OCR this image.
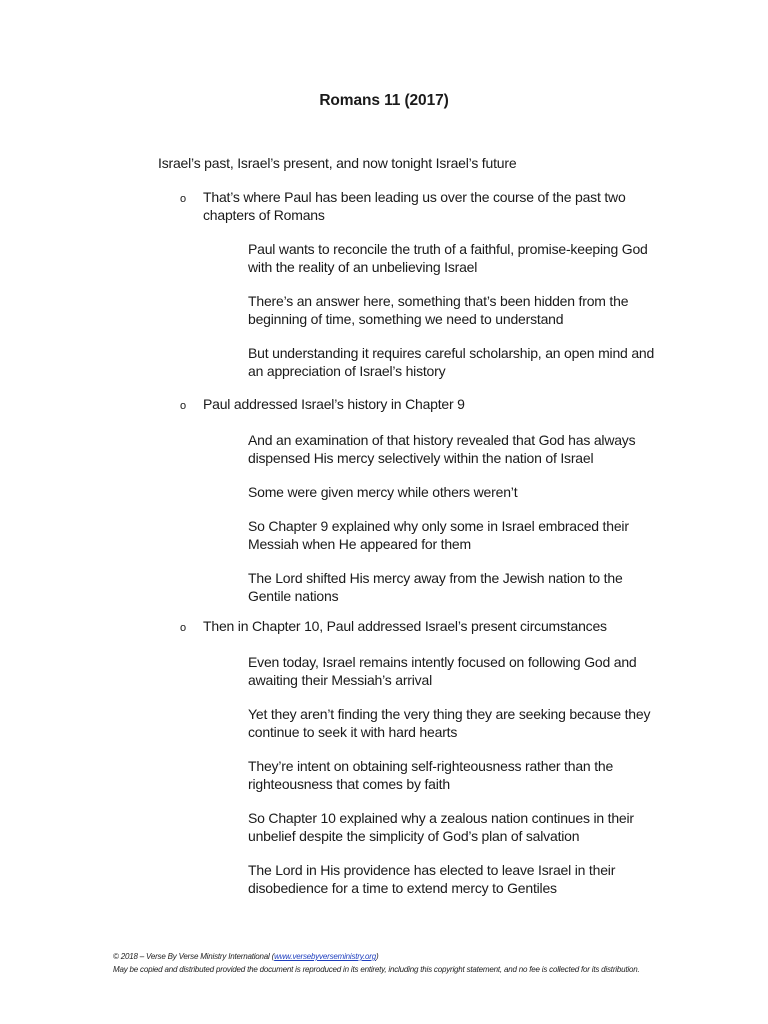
Romans 11 (2017)
Israel’s past, Israel’s present, and now tonight Israel’s future
o	That’s where Paul has been leading us over the course of the past two chapters of Romans
Paul wants to reconcile the truth of a faithful, promise-keeping God with the reality of an unbelieving Israel
There’s an answer here, something that’s been hidden from the beginning of time, something we need to understand
But understanding it requires careful scholarship, an open mind and an appreciation of Israel’s history
o	Paul addressed Israel’s history in Chapter 9
And an examination of that history revealed that God has always dispensed His mercy selectively within the nation of Israel
Some were given mercy while others weren’t
So Chapter 9 explained why only some in Israel embraced their Messiah when He appeared for them
The Lord shifted His mercy away from the Jewish nation to the Gentile nations
o	Then in Chapter 10, Paul addressed Israel’s present circumstances
Even today, Israel remains intently focused on following God and awaiting their Messiah’s arrival
Yet they aren’t finding the very thing they are seeking because they continue to seek it with hard hearts
They’re intent on obtaining self-righteousness rather than the righteousness that comes by faith
So Chapter 10 explained why a zealous nation continues in their unbelief despite the simplicity of God’s plan of salvation
The Lord in His providence has elected to leave Israel in their disobedience for a time to extend mercy to Gentiles
© 2018 – Verse By Verse Ministry International (www.versebyverseministry.org)
May be copied and distributed provided the document is reproduced in its entirety, including this copyright statement, and no fee is collected for its distribution.
